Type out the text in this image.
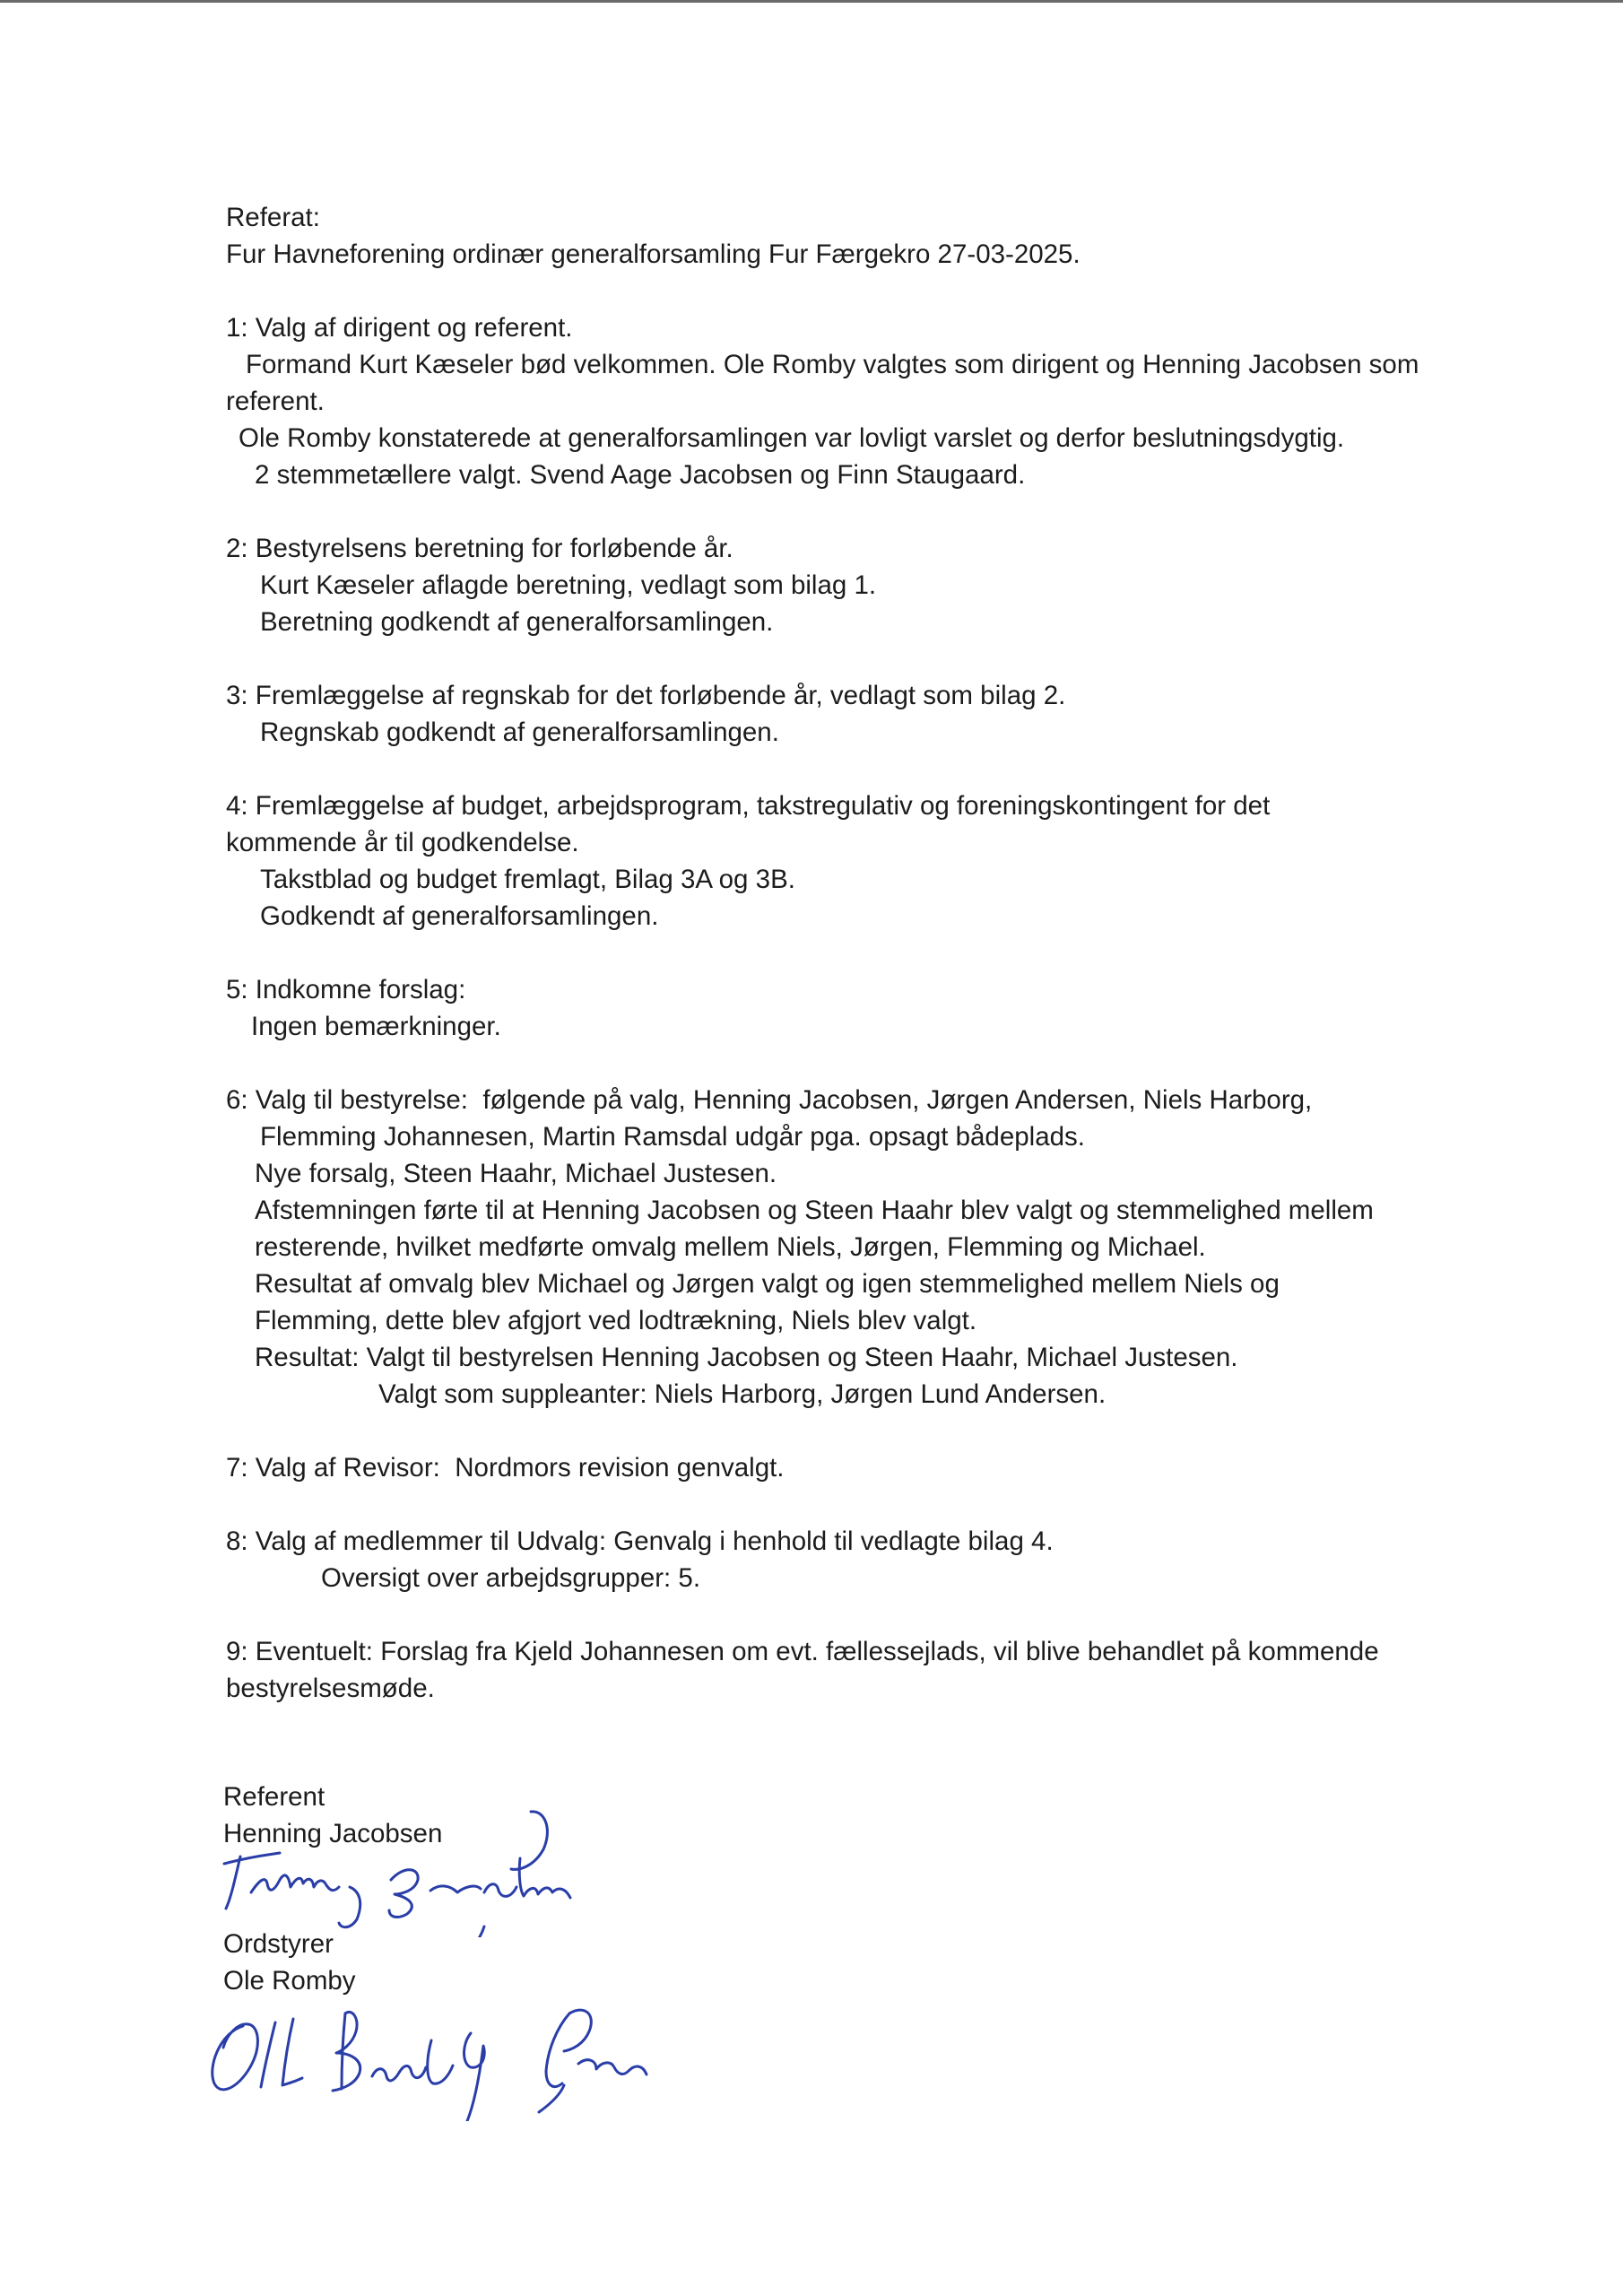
Referat:

Fur Havneforening ordinær generalforsamling Fur Færgekro 27-03-2025.

1: Valg af dirigent og referent.

Formand Kurt Kæseler bød velkommen. Ole Romby valgtes som dirigent og Henning Jacobsen som

referent.

Ole Romby konstaterede at generalforsamlingen var lovligt varslet og derfor beslutningsdygtig.

2 stemmetællere valgt. Svend Aage Jacobsen og Finn Staugaard.

2: Bestyrelsens beretning for forløbende år.

Kurt Kæseler aflagde beretning, vedlagt som bilag 1.

Beretning godkendt af generalforsamlingen.

3: Fremlæggelse af regnskab for det forløbende år, vedlagt som bilag 2.

Regnskab godkendt af generalforsamlingen.

4: Fremlæggelse af budget, arbejdsprogram, takstregulativ og foreningskontingent for det

kommende år til godkendelse.

Takstblad og budget fremlagt, Bilag 3A og 3B.

Godkendt af generalforsamlingen.

5: Indkomne forslag:

Ingen bemærkninger.

6: Valg til bestyrelse:  følgende på valg, Henning Jacobsen, Jørgen Andersen, Niels Harborg,

Flemming Johannesen, Martin Ramsdal udgår pga. opsagt bådeplads.

Nye forsalg, Steen Haahr, Michael Justesen.

Afstemningen førte til at Henning Jacobsen og Steen Haahr blev valgt og stemmelighed mellem

resterende, hvilket medførte omvalg mellem Niels, Jørgen, Flemming og Michael.

Resultat af omvalg blev Michael og Jørgen valgt og igen stemmelighed mellem Niels og

Flemming, dette blev afgjort ved lodtrækning, Niels blev valgt.

Resultat: Valgt til bestyrelsen Henning Jacobsen og Steen Haahr, Michael Justesen.

Valgt som suppleanter: Niels Harborg, Jørgen Lund Andersen.

7: Valg af Revisor:  Nordmors revision genvalgt.

8: Valg af medlemmer til Udvalg: Genvalg i henhold til vedlagte bilag 4.

Oversigt over arbejdsgrupper: 5.

9: Eventuelt: Forslag fra Kjeld Johannesen om evt. fællessejlads, vil blive behandlet på kommende

bestyrelsesmøde.

Referent

Henning Jacobsen

Ordstyrer

Ole Romby
